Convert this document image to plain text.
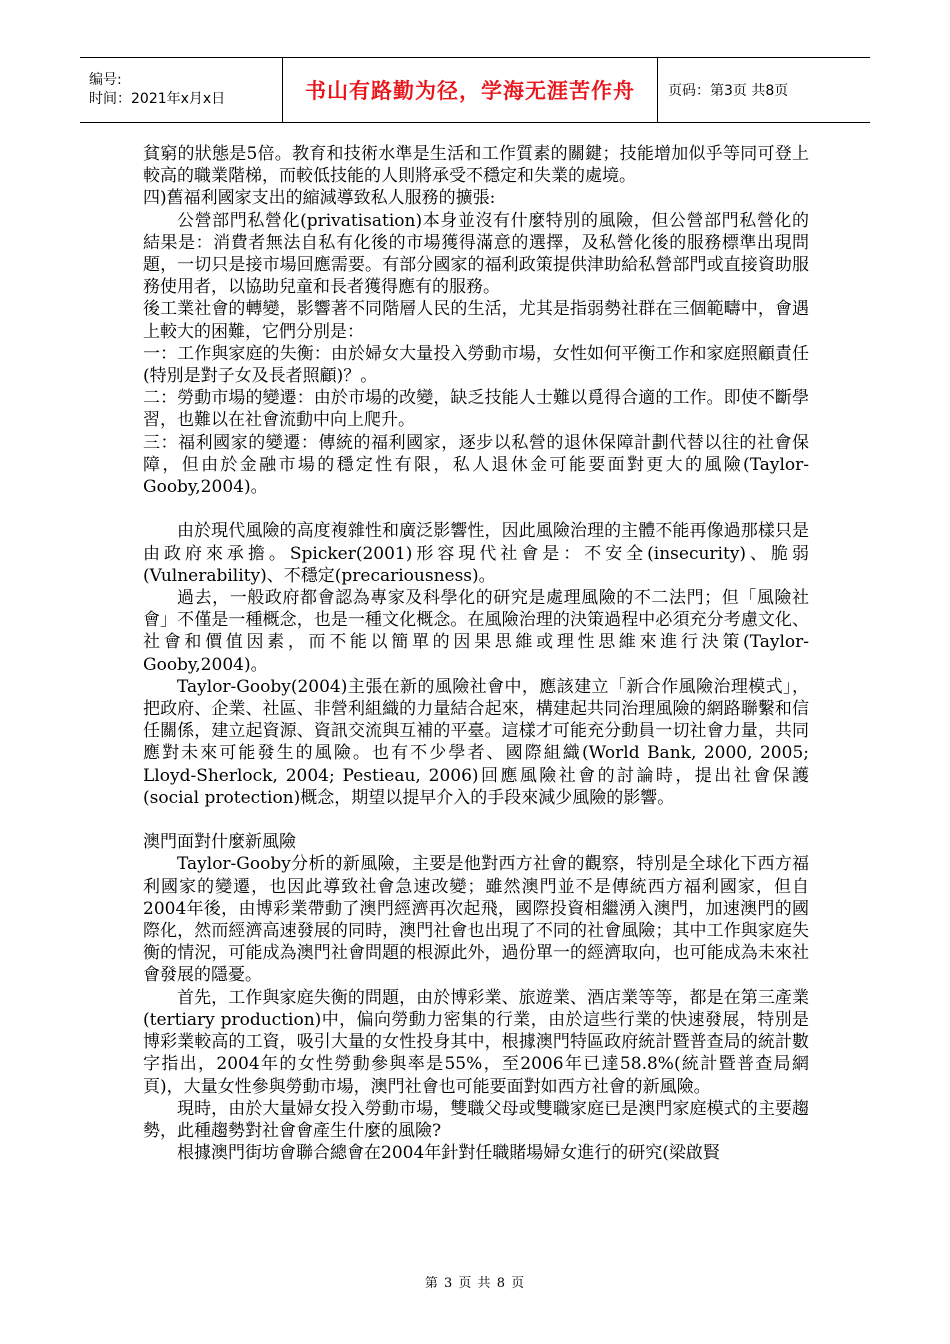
编号:
时间：2021年x月x日	书山有路勤为径，学海无涯苦作舟	页码：第3页 共8页

貧窮的狀態是5倍。教育和技術水準是生活和工作質素的關鍵；技能增加似乎等同可登上較高的職業階梯，而較低技能的人則將承受不穩定和失業的處境。

四)舊福利國家支出的縮減導致私人服務的擴張:

公營部門私營化(privatisation)本身並沒有什麼特別的風險，但公營部門私營化的結果是：消費者無法自私有化後的市場獲得滿意的選擇，及私營化後的服務標準出現問題，一切只是接市場回應需要。有部分國家的福利政策提供津助給私營部門或直接資助服務使用者，以協助兒童和長者獲得應有的服務。

後工業社會的轉變，影響著不同階層人民的生活，尤其是指弱勢社群在三個範疇中，會遇上較大的困難，它們分別是：

一：工作與家庭的失衡：由於婦女大量投入勞動市場，女性如何平衡工作和家庭照顧責任(特別是對子女及長者照顧)？。

二：勞動市場的變遷：由於市場的改變，缺乏技能人士難以覓得合適的工作。即使不斷學習，也難以在社會流動中向上爬升。

三：福利國家的變遷：傳統的福利國家，逐步以私營的退休保障計劃代替以往的社會保障，但由於金融市場的穩定性有限，私人退休金可能要面對更大的風險(Taylor-Gooby,2004)。

由於現代風險的高度複雜性和廣泛影響性，因此風險治理的主體不能再像過那樣只是由政府來承擔。Spicker(2001)形容現代社會是：不安全(insecurity)、脆弱(Vulnerability)、不穩定(precariousness)。

過去，一般政府都會認為專家及科學化的研究是處理風險的不二法門；但「風險社會」不僅是一種概念，也是一種文化概念。在風險治理的決策過程中必須充分考慮文化、社會和價值因素，而不能以簡單的因果思維或理性思維來進行決策(Taylor-Gooby,2004)。

Taylor-Gooby(2004)主張在新的風險社會中，應該建立「新合作風險治理模式」，把政府、企業、社區、非營利組織的力量結合起來，構建起共同治理風險的網路聯繫和信任關係，建立起資源、資訊交流與互補的平臺。這樣才可能充分動員一切社會力量，共同應對未來可能發生的風險。也有不少學者、國際組織(World Bank, 2000, 2005; Lloyd-Sherlock, 2004; Pestieau, 2006)回應風險社會的討論時，提出社會保護(social protection)概念，期望以提早介入的手段來減少風險的影響。

澳門面對什麼新風險

Taylor-Gooby分析的新風險，主要是他對西方社會的觀察，特別是全球化下西方福利國家的變遷，也因此導致社會急速改變；雖然澳門並不是傳統西方福利國家，但自2004年後，由博彩業帶動了澳門經濟再次起飛，國際投資相繼湧入澳門，加速澳門的國際化，然而經濟高速發展的同時，澳門社會也出現了不同的社會風險；其中工作與家庭失衡的情況，可能成為澳門社會問題的根源此外，過份單一的經濟取向，也可能成為未來社會發展的隱憂。

首先，工作與家庭失衡的問題，由於博彩業、旅遊業、酒店業等等，都是在第三產業(tertiary production)中，偏向勞動力密集的行業，由於這些行業的快速發展，特別是博彩業較高的工資，吸引大量的女性投身其中，根據澳門特區政府統計暨普查局的統計數字指出，2004年的女性勞動參與率是55%，至2006年已達58.8%(統計暨普查局網頁)，大量女性參與勞動市場，澳門社會也可能要面對如西方社會的新風險。

現時，由於大量婦女投入勞動市場，雙職父母或雙職家庭已是澳門家庭模式的主要趨勢，此種趨勢對社會會產生什麼的風險?

根據澳門街坊會聯合總會在2004年針對任職賭場婦女進行的研究(梁啟賢

第 3 页 共 8 页
